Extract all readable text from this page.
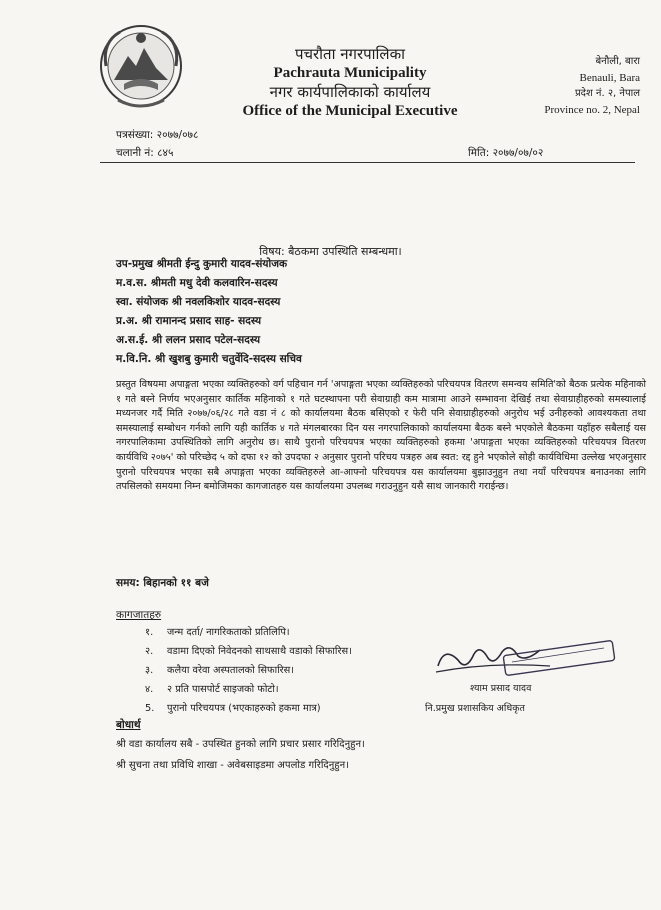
पचरौता नगरपालिका
Pachrauta Municipality
नगर कार्यपालिकाको कार्यालय
Office of the Municipal Executive
बेनौली, बारा
Benauli, Bara
प्रदेश नं. २, नेपाल
Province no. 2, Nepal
पत्रसंख्या: २०७७/०७८
चलानी नं: ८४५	मिति: २०७७/०७/०२
विषय: बैठकमा उपस्थिति सम्बन्धमा।
उप-प्रमुख श्रीमती ईन्दु कुमारी यादव-संयोजक
म.व.स. श्रीमती मधु देवी कलवारिन-सदस्य
स्वा. संयोजक श्री नवलकिशोर यादव-सदस्य
प्र.अ. श्री रामानन्द प्रसाद साह- सदस्य
अ.स.ई. श्री ललन प्रसाद पटेल-सदस्य
म.वि.नि. श्री खुशबु कुमारी चतुर्वेदि-सदस्य सचिव
प्रस्तुत विषयमा अपाङ्गता भएका व्यक्तिहरुको वर्ग पहिचान गर्न 'अपाङ्गता भएका व्यक्तिहरुको परिचयपत्र वितरण समन्वय समिति'को बैठक प्रत्येक महिनाको १ गते बस्ने निर्णय भएअनुसार कार्तिक महिनाको १ गते घटस्थापना परी सेवाग्राही कम मात्रामा आउने सम्भावना देखिई तथा सेवाग्राहीहरुको समस्यालाई मध्यनजर गर्दै मिति २०७७/०६/२८ गते वडा नं ८ को कार्यालयमा बैठक बसिएको र फेरी पनि सेवाग्राहीहरुको अनुरोध भई उनीहरुको आवश्यकता तथा समस्यालाई सम्बोधन गर्नको लागि यही कार्तिक ४ गते मंगलबारका दिन यस नगरपालिकाको कार्यालयमा बैठक बस्ने भएकोले बैठकमा यहाँहरु सबैलाई यस नगरपालिकामा उपस्थितिको लागि अनुरोध छ। साथै पुरानो परिचयपत्र भएका व्यक्तिहरुको हकमा 'अपाङ्गता भएका व्यक्तिहरुको परिचयपत्र वितरण कार्यविधि २०७५' को परिच्छेद ५ को दफा १२ को उपदफा २ अनुसार पुरानो परिचय पत्रहरु अब स्वत: रद्द हुने भएकोले सोही कार्यविधिमा उल्लेख भएअनुसार पुरानो परिचयपत्र भएका सबै अपाङ्गता भएका व्यक्तिहरुले आ-आफ्नो परिचयपत्र यस कार्यालयमा बुझाउनुहुन तथा नयाँ परिचयपत्र बनाउनका लागि तपसिलको समयमा निम्न बमोजिमका कागजातहरु यस कार्यालयमा उपलब्ध गराउनुहुन यसै साथ जानकारी गराईन्छ।
समय: बिहानको ११ बजे
कागजातहरु
१. जन्म दर्ता/ नागरिकताको प्रतिलिपि।
२. वडामा दिएको निवेदनको साथसाथै वडाको सिफारिस।
३. कलैया वरेवा अस्पतालको सिफारिस।
४. २ प्रति पासपोर्ट साइजको फोटो।
5. पुरानो परिचयपत्र (भएकाहरुको हकमा मात्र)
श्याम प्रसाद यादव
नि.प्रमुख प्रशासकिय अधिकृत
बोधार्थ
श्री वडा कार्यालय सबै - उपस्थित हुनको लागि प्रचार प्रसार गरिदिनुहुन।
श्री सुचना तथा प्रविधि शाखा - अवेबसाइडमा अपलोड गरिदिनुहुन।
